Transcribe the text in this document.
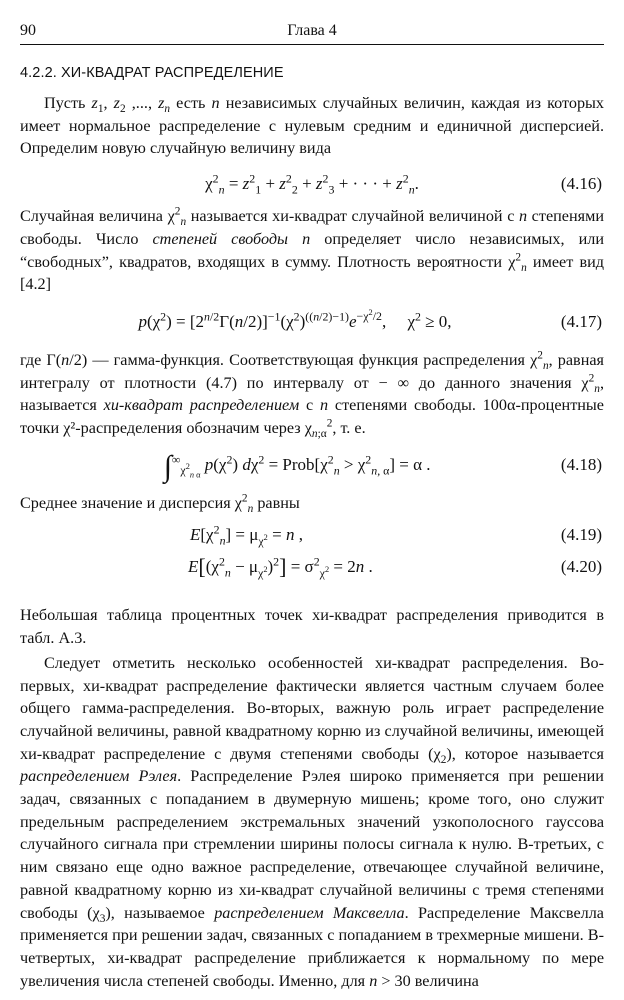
90	Глава 4
4.2.2. ХИ-КВАДРАТ РАСПРЕДЕЛЕНИЕ

Пусть $z_1$, $z_2$ ,..., $z_n$ есть n независимых случайных величин, каждая из которых имеет нормальное распределение с нулевым средним и единичной дисперсией. Определим новую случайную величину вида

$\chi^2_n = z^2_1 + z^2_2 + z^2_3$ + · · · + $z^2_n$.	(4.16)

Случайная величина $\chi^2_n$ называется хи-квадрат случайной величиной с n степенями свободы. Число степеней свободы n определяет число независимых, или “свободных”, квадратов, входящих в сумму. Плотность вероятности $\chi^2_n$ имеет вид [4.2]

$p(\chi^2) = [2^{n/2}\Gamma(n/2)]^{-1}(\chi^2)^{((n/2)-1)}e^{-\chi^2/2}$,     $\chi^2 \ge 0$,	(4.17)

где Γ(n/2) — гамма-функция. Соответствующая функция распределения $\chi^2_n$, равная интегралу от плотности (4.7) по интервалу от − ∞ до данного значения $\chi^2_n$, называется хи-квадрат распределением с n степенями свободы. 100α-процентные точки χ²-распределения обозначим через $\chi_{n;\alpha}^2$, т. е.

$\int^\infty_{\chi^2_{n \alpha}}$ $p(\chi^2) d\chi^2$ = $Prob[\chi^2_n > \chi^2_{n, \alpha}] = \alpha$ .	(4.18)

Среднее значение и дисперсия $\chi^2_n$ равны

$E[\chi^2_n] = \mu_{\chi^2} = n$ ,	(4.19)
$E[(\chi^2_n - \mu_{\chi^2})^2] = \sigma^2_{\chi^2} = 2n$ .	(4.20)

Небольшая таблица процентных точек хи-квадрат распределения приводится в табл. А.3.

Следует отметить несколько особенностей хи-квадрат распределения. Во-первых, хи-квадрат распределение фактически является частным случаем более общего гамма-распределения. Во-вторых, важную роль играет распределение случайной величины, равной квадратному корню из случайной величины, имеющей хи-квадрат распределение с двумя степенями свободы $(\chi_2)$, которое называется распределением Рэлея. Распределение Рэлея широко применяется при решении задач, связанных с попаданием в двумерную мишень; кроме того, оно служит предельным распределением экстремальных значений узкополосного гауссова случайного сигнала при стремлении ширины полосы сигнала к нулю. В-третьих, с ним связано еще одно важное распределение, отвечающее случайной величине, равной квадратному корню из хи-квадрат случайной величины с тремя степенями свободы $(\chi_3)$, называемое распределением Максвелла. Распределение Максвелла применяется при решении задач, связанных с попаданием в трехмерные мишени. В-четвертых, хи-квадрат распределение приближается к нормальному по мере увеличения числа степеней свободы. Именно, для n > 30 величина
